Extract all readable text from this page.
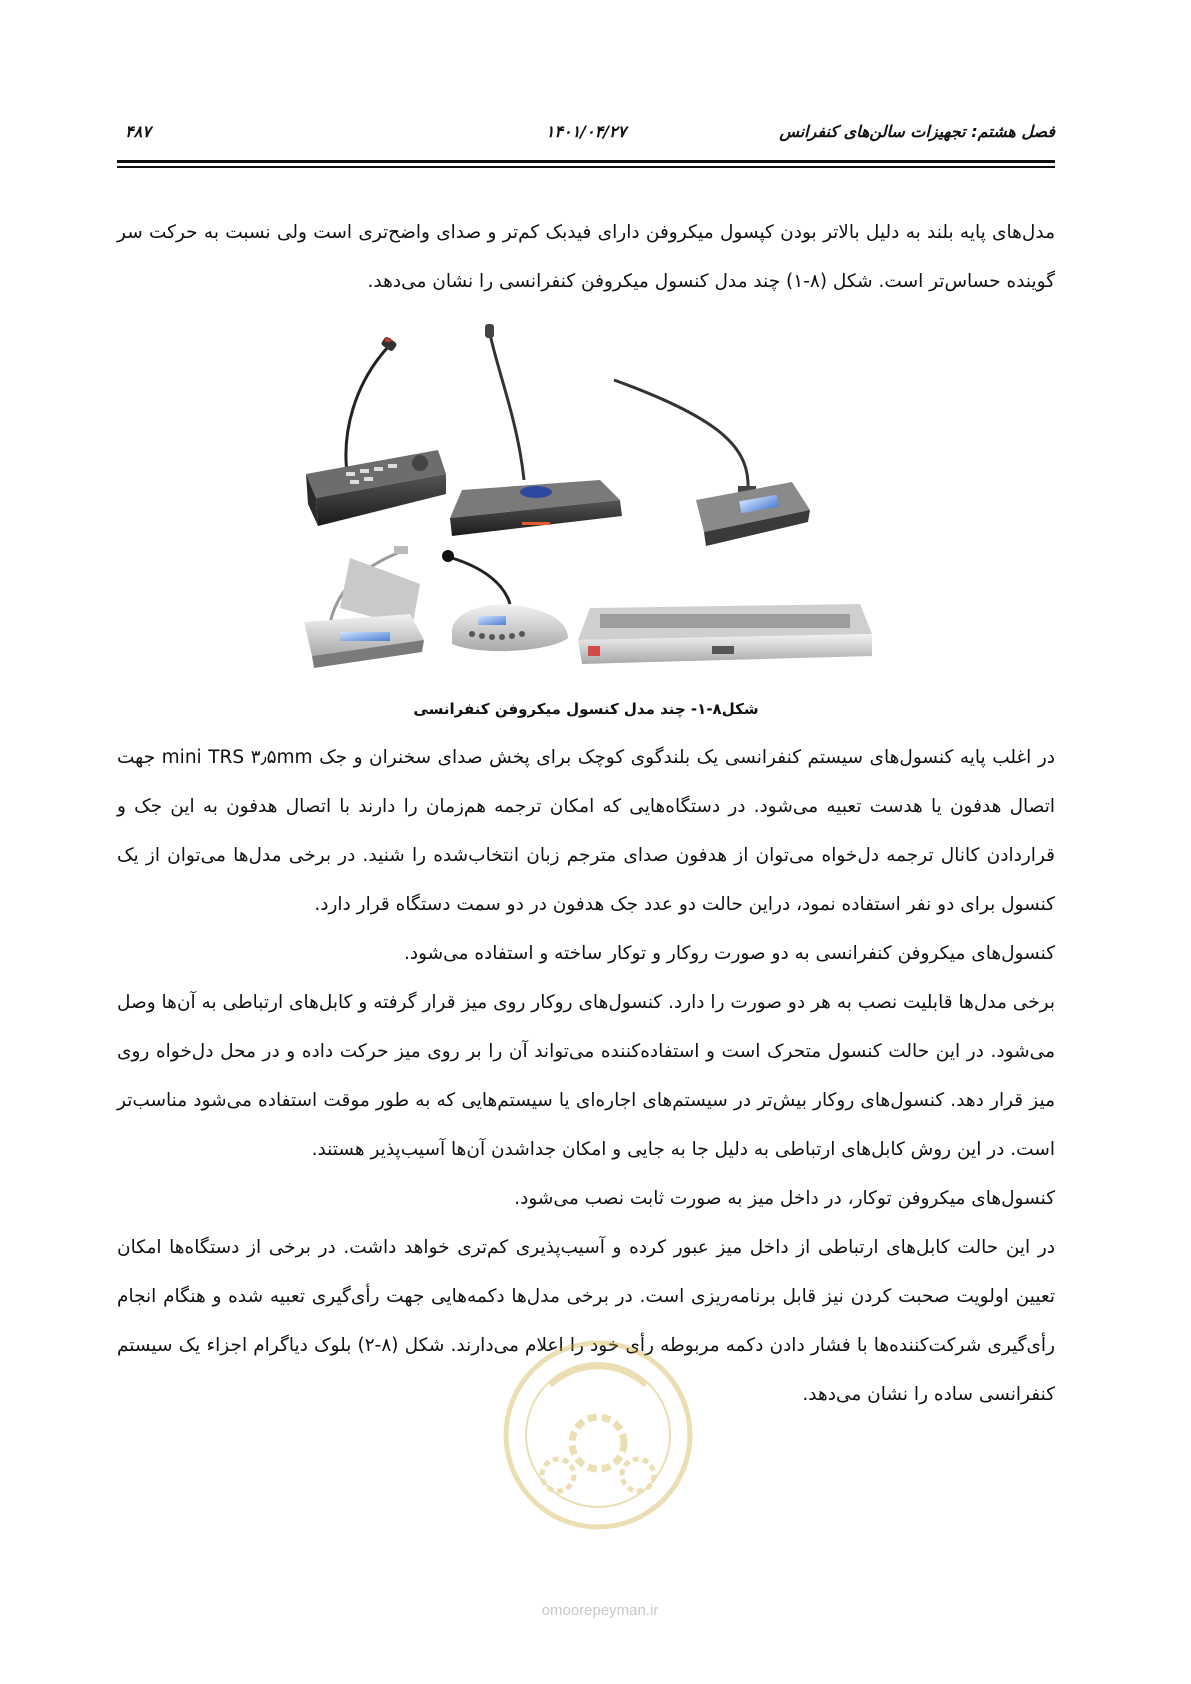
فصل هشتم: تجهیزات سالن‌های کنفرانس
۱۴۰۱/۰۴/۲۷
۴۸۷

مدل‌های پایه بلند به دلیل بالاتر بودن کپسول میکروفن دارای فیدبک کم‌تر و صدای واضح‌تری است ولی نسبت به حرکت سر گوینده حساس‌تر است. شکل (۸-۱) چند مدل کنسول میکروفن کنفرانسی را نشان می‌دهد.

شکل۸-۱- چند مدل کنسول میکروفن کنفرانسی

در اغلب پایه کنسول‌های سیستم کنفرانسی یک بلندگوی کوچک برای پخش صدای سخنران و جک mini TRS ۳٫۵mm جهت اتصال هدفون یا هدست تعبیه می‌شود. در دستگاه‌هایی که امکان ترجمه هم‌زمان را دارند با اتصال هدفون به این جک و قراردادن کانال ترجمه دل‌خواه می‌توان از هدفون صدای مترجم زبان انتخاب‌شده را شنید. در برخی مدل‌ها می‌توان از یک کنسول برای دو نفر استفاده نمود، دراین حالت دو عدد جک هدفون در دو سمت دستگاه قرار دارد.

کنسول‌های میکروفن کنفرانسی به دو صورت روکار و توکار ساخته و استفاده می‌شود.

برخی مدل‌ها قابلیت نصب به هر دو صورت را دارد. کنسول‌های روکار روی میز قرار گرفته و کابل‌های ارتباطی به آن‌ها وصل می‌شود. در این حالت کنسول متحرک است و استفاده‌کننده می‌تواند آن را بر روی میز حرکت داده و در محل دل‌خواه روی میز قرار دهد. کنسول‌های روکار بیش‌تر در سیستم‌های اجاره‌ای یا سیستم‌هایی که به طور موقت استفاده می‌شود مناسب‌تر است. در این روش کابل‌های ارتباطی به دلیل جا به جایی و امکان جداشدن آن‌ها آسیب‌پذیر هستند.

کنسول‌های میکروفن توکار، در داخل میز به صورت ثابت نصب می‌شود.

در این حالت کابل‌های ارتباطی از داخل میز عبور کرده و آسیب‌پذیری کم‌تری خواهد داشت. در برخی از دستگاه‌ها امکان تعیین اولویت صحبت کردن نیز قابل برنامه‌ریزی است. در برخی مدل‌ها دکمه‌هایی جهت رأی‌گیری تعبیه شده و هنگام انجام رأی‌گیری شرکت‌کننده‌ها با فشار دادن دکمه مربوطه رأی خود را اعلام می‌دارند. شکل (۸-۲) بلوک دیاگرام اجزاء یک سیستم کنفرانسی ساده را نشان می‌دهد.

omoorepeyman.ir
